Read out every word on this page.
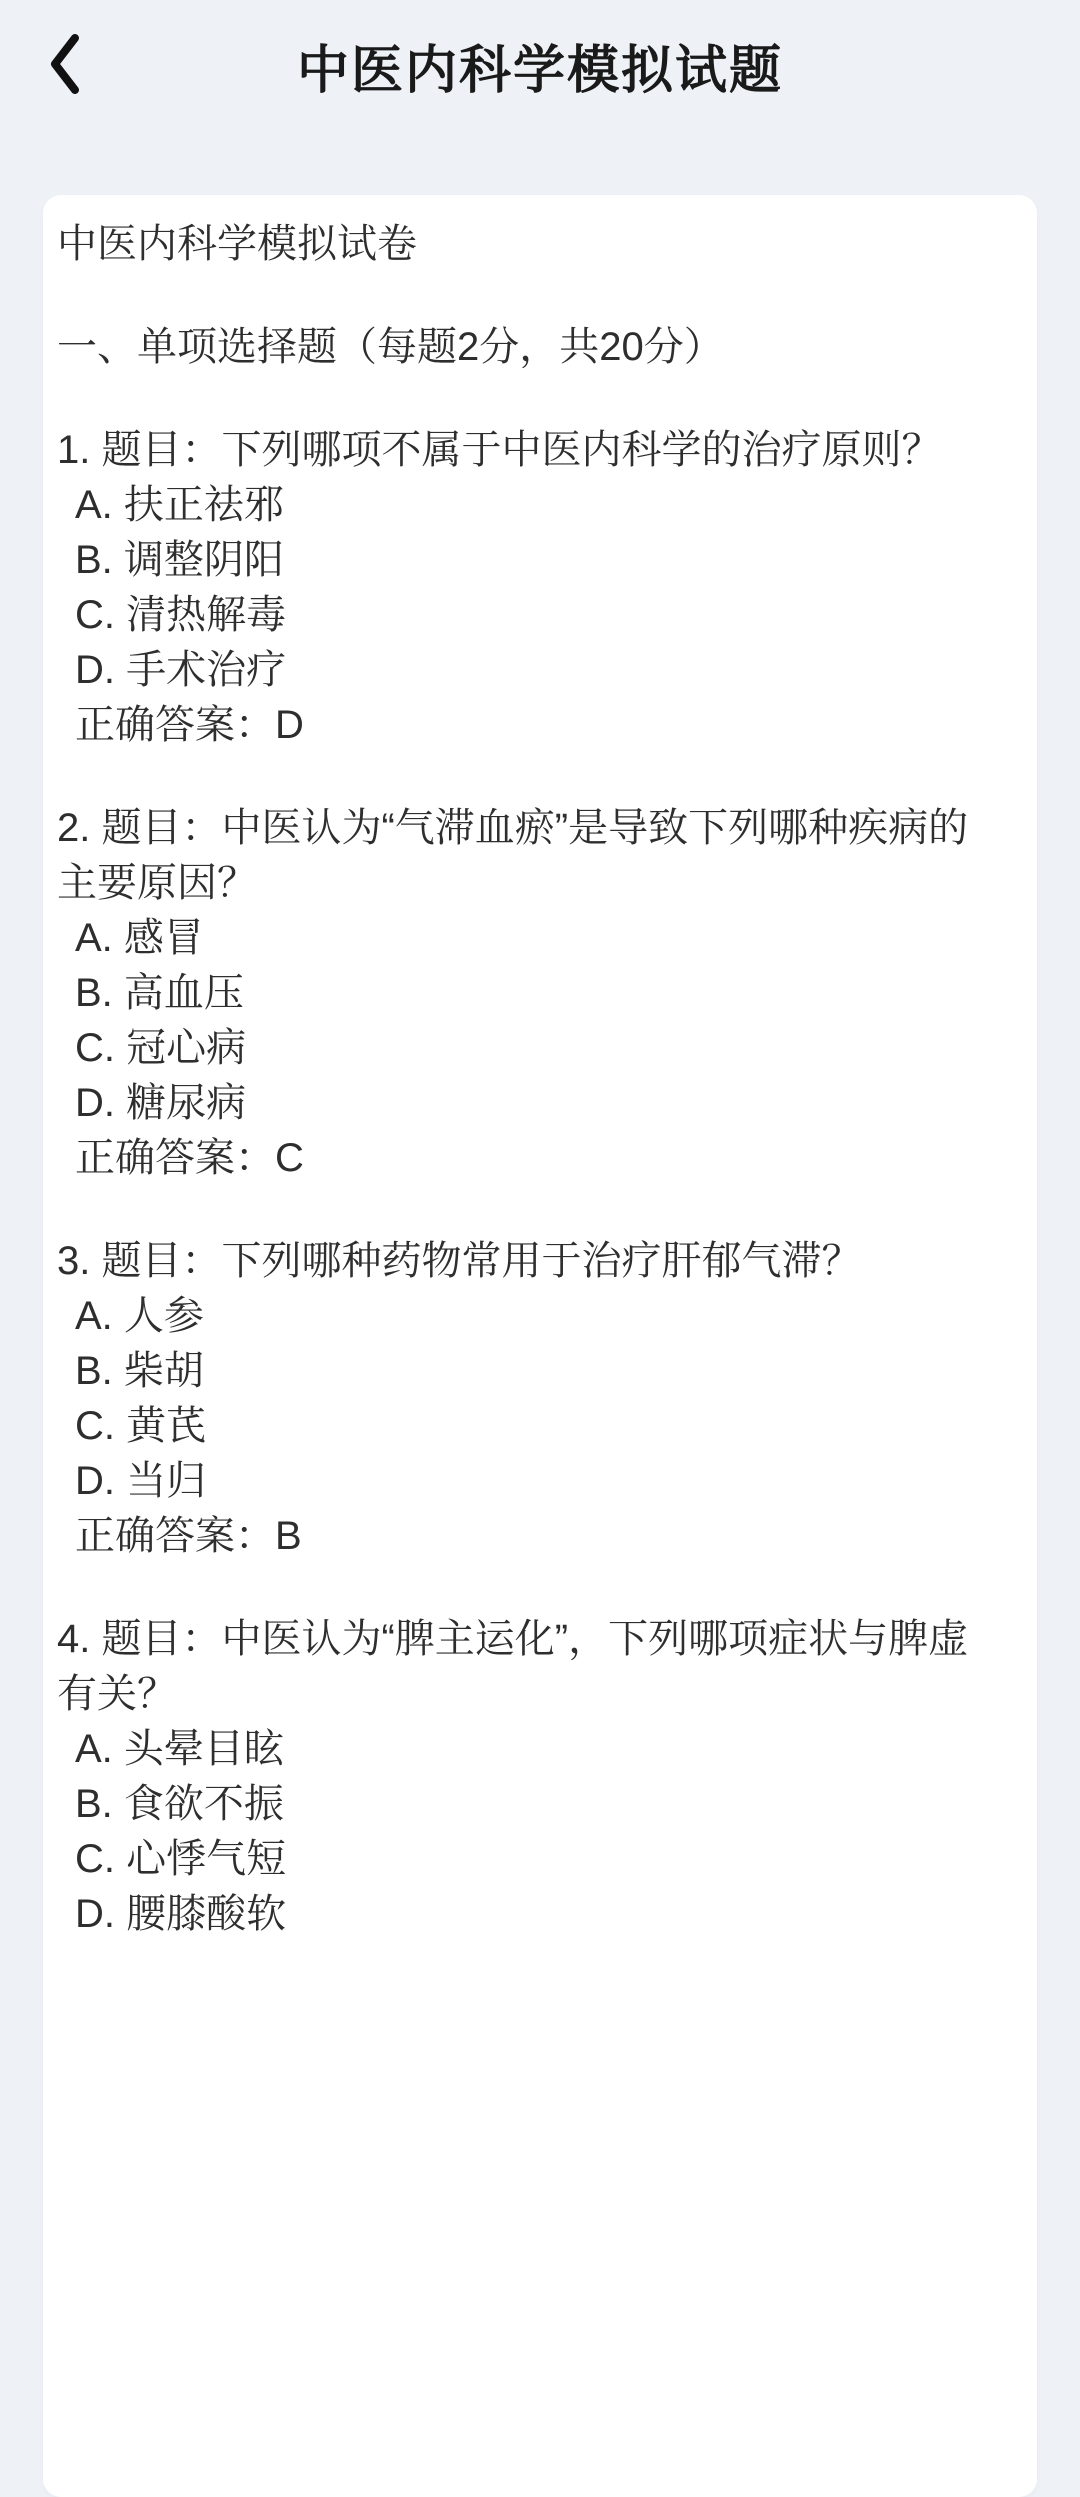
中医内科学模拟试题

中医内科学模拟试卷

一、单项选择题（每题2分，共20分）

1. 题目：下列哪项不属于中医内科学的治疗原则？
A. 扶正祛邪
B. 调整阴阳
C. 清热解毒
D. 手术治疗
正确答案：D
2. 题目：中医认为“气滞血瘀”是导致下列哪种疾病的
主要原因？
A. 感冒
B. 高血压
C. 冠心病
D. 糖尿病
正确答案：C
3. 题目：下列哪种药物常用于治疗肝郁气滞？
A. 人参
B. 柴胡
C. 黄芪
D. 当归
正确答案：B
4. 题目：中医认为“脾主运化”，下列哪项症状与脾虚
有关？
A. 头晕目眩
B. 食欲不振
C. 心悸气短
D. 腰膝酸软
